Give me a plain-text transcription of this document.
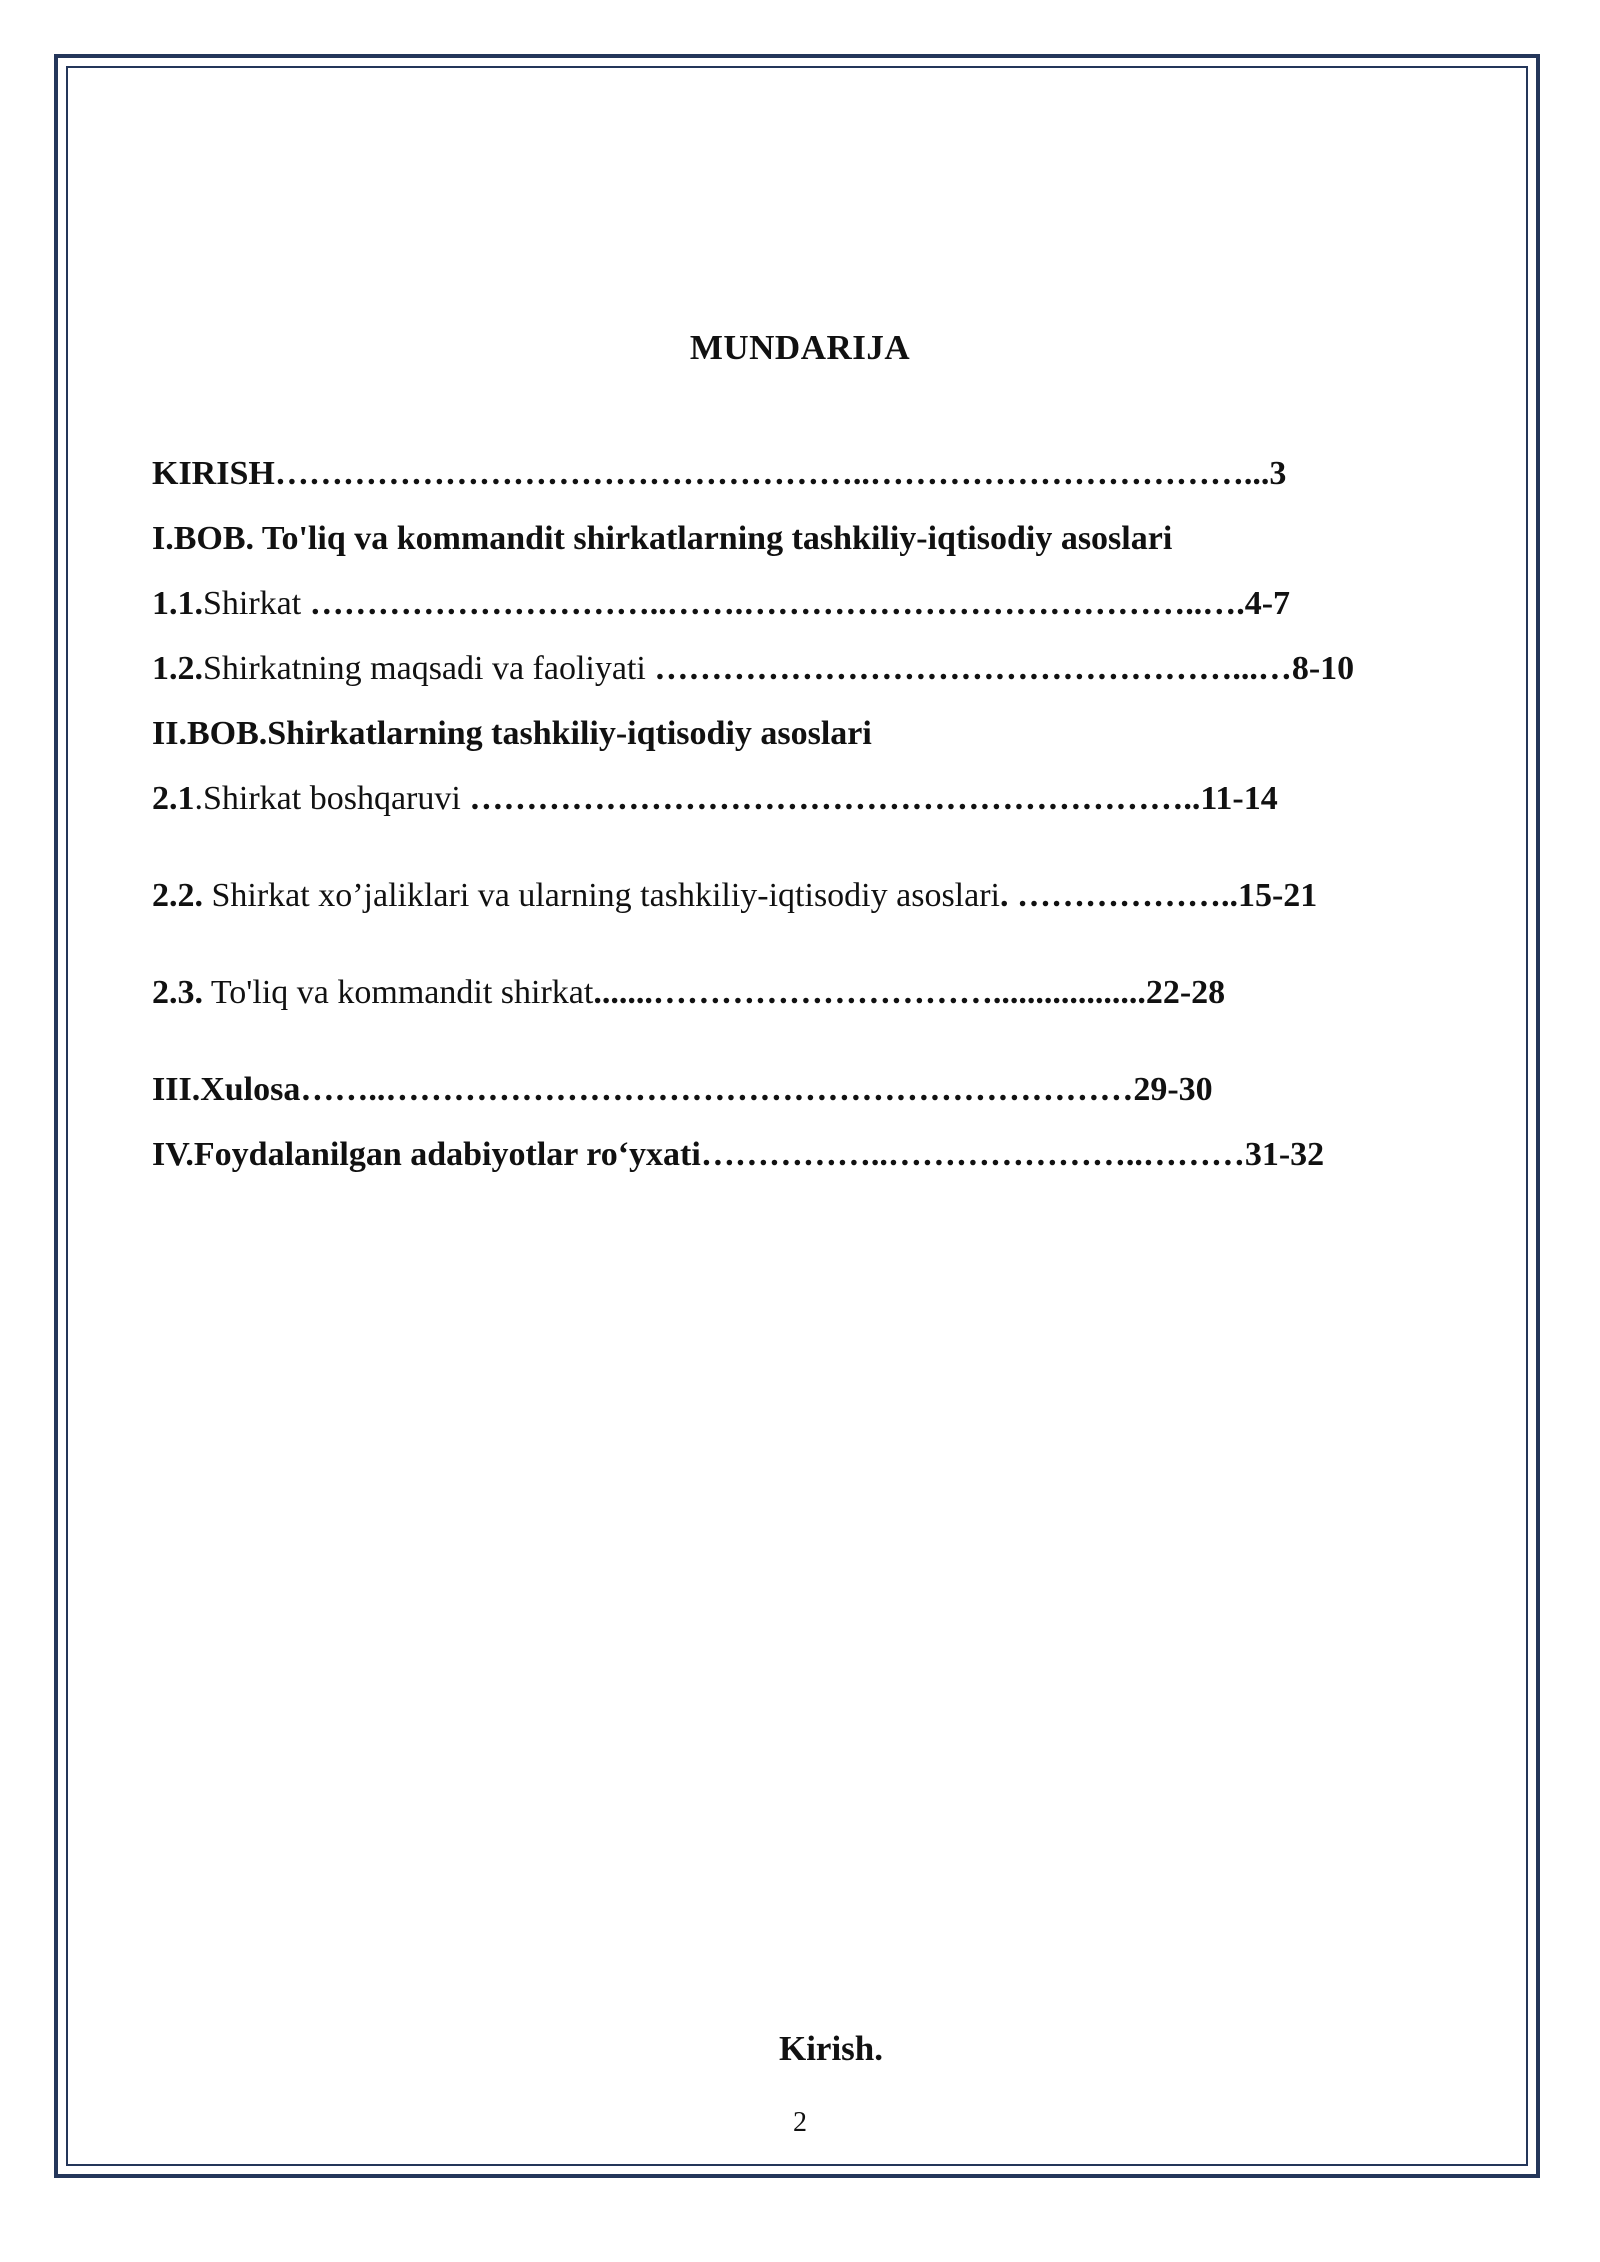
MUNDARIJA
KIRISH……………………………………………..……………………………...3
I.BOB. To'liq va kommandit shirkatlarning tashkiliy-iqtisodiy asoslari
1.1.Shirkat …………………………..…….…………………………………..….4-7
1.2.Shirkatning maqsadi va faoliyati ……………………………………………...…8-10
II.BOB.Shirkatlarning tashkiliy-iqtisodiy asoslari
2.1.Shirkat boshqaruvi ………………………………………………………..11-14
2.2. Shirkat xo’jaliklari va ularning tashkiliy-iqtisodiy asoslari. ………………..15-21
2.3. To'liq va kommandit shirkat.......…………………………..................22-28
III.Xulosa……..…………………………………………………………29-30
IV.Foydalanilgan adabiyotlar ro‘yxati……………..…………………..………31-32
Kirish.
2
